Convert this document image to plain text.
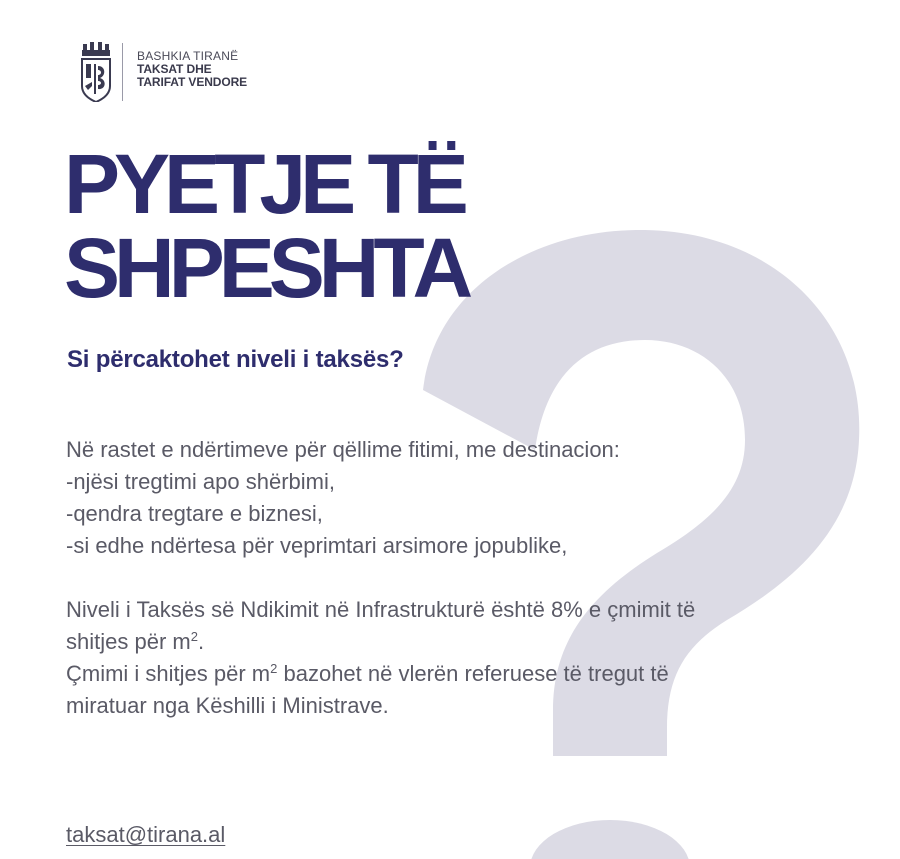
BASHKIA TIRANË
TAKSAT DHE
TARIFAT VENDORE
PYETJE TË
SHPESHTA
Si përcaktohet niveli i taksës?

Në rastet e ndërtimeve për qëllime fitimi, me destinacion:

-njësi tregtimi apo shërbimi,

-qendra tregtare e biznesi,

-si edhe ndërtesa për veprimtari arsimore jopublike,

Niveli i Taksës së Ndikimit në Infrastrukturë është 8% e çmimit të

shitjes për $m^2$.

Çmimi i shitjes për $m^2$ bazohet në vlerën referuese të tregut të

miratuar nga Këshilli i Ministrave.

taksat@tirana.al
